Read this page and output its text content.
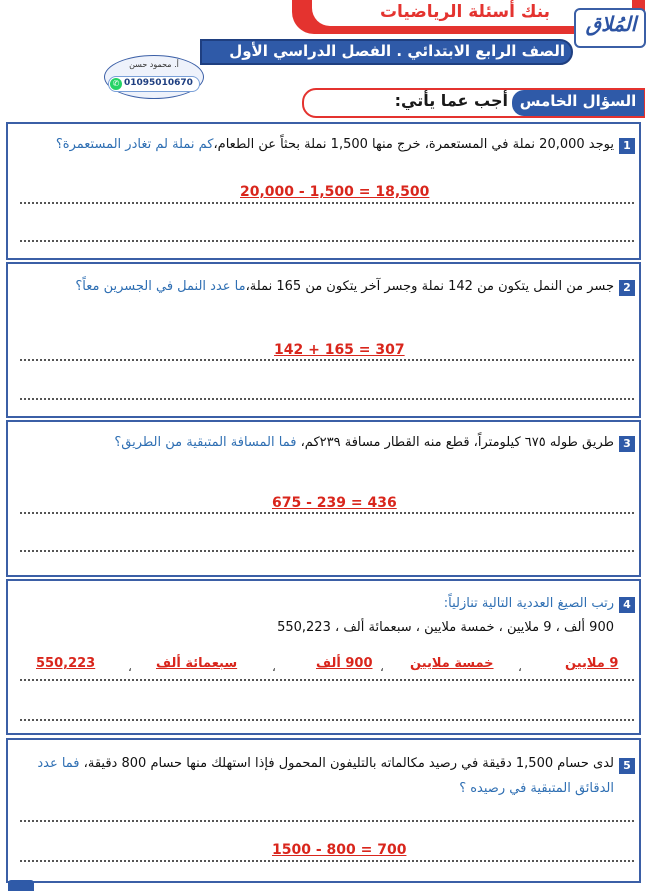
بنك أسئلة الرياضيات	المُلاق
الصف الرابع الابتدائي . الفصل الدراسي الأول
أ. محمود حسن
✆ 01095010670
السؤال الخامس
أجب عما يأتي:
1
يوجد 20,000 نملة في المستعمرة، خرج منها 1,500 نملة بحثاً عن الطعام،كم نملة لم تغادر المستعمرة؟
20,000 - 1,500 = 18,500
2
جسر من النمل يتكون من 142 نملة وجسر آخر يتكون من 165 نملة،ما عدد النمل في الجسرين معاً؟
142 + 165 = 307
3
طريق طوله ٦٧٥ كيلومتراً، قطع منه القطار مسافة ٢٣٩كم، فما المسافة المتبقية من الطريق؟
675 - 239 = 436
4
رتب الصيغ العددية التالية تنازلياً:
900 ألف ، 9 ملايين ، خمسة ملايين ، سبعمائة ألف ، 550,223
9 ملايين
،
خمسة ملايين
،
900 ألف
،
سبعمائة ألف
،
550,223
5
لدى حسام 1,500 دقيقة في رصيد مكالماته بالتليفون المحمول فإذا استهلك منها حسام 800 دقيقة، فما عدد الدقائق المتبقية في رصيده ؟
1500 - 800 = 700
